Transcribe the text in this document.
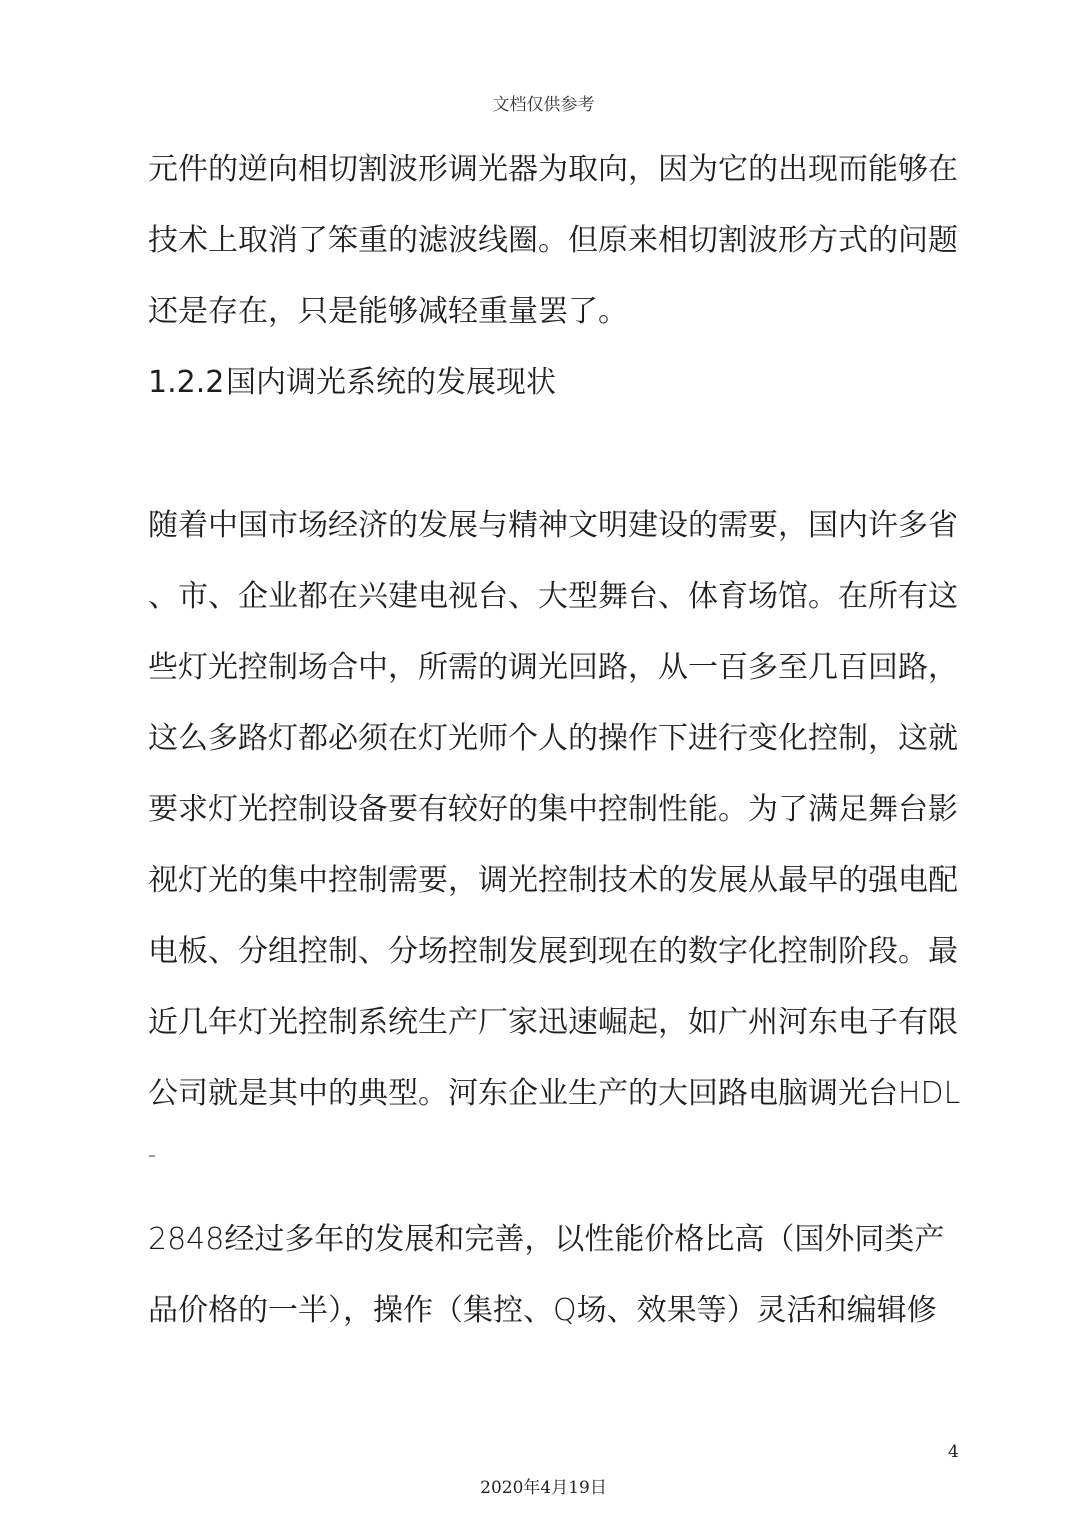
文档仅供参考
元件的逆向相切割波形调光器为取向，因为它的出现而能够在
技术上取消了笨重的滤波线圈。但原来相切割波形方式的问题
还是存在，只是能够减轻重量罢了。
1.2.2国内调光系统的发展现状
随着中国市场经济的发展与精神文明建设的需要，国内许多省
、市、企业都在兴建电视台、大型舞台、体育场馆。在所有这
些灯光控制场合中，所需的调光回路，从一百多至几百回路，
这么多路灯都必须在灯光师个人的操作下进行变化控制，这就
要求灯光控制设备要有较好的集中控制性能。为了满足舞台影
视灯光的集中控制需要，调光控制技术的发展从最早的强电配
电板、分组控制、分场控制发展到现在的数字化控制阶段。最
近几年灯光控制系统生产厂家迅速崛起，如广州河东电子有限
公司就是其中的典型。河东企业生产的大回路电脑调光台HDL
-
2848经过多年的发展和完善，以性能价格比高（国外同类产
品价格的一半），操作（集控、Q场、效果等）灵活和编辑修
4
2020年4月19日
